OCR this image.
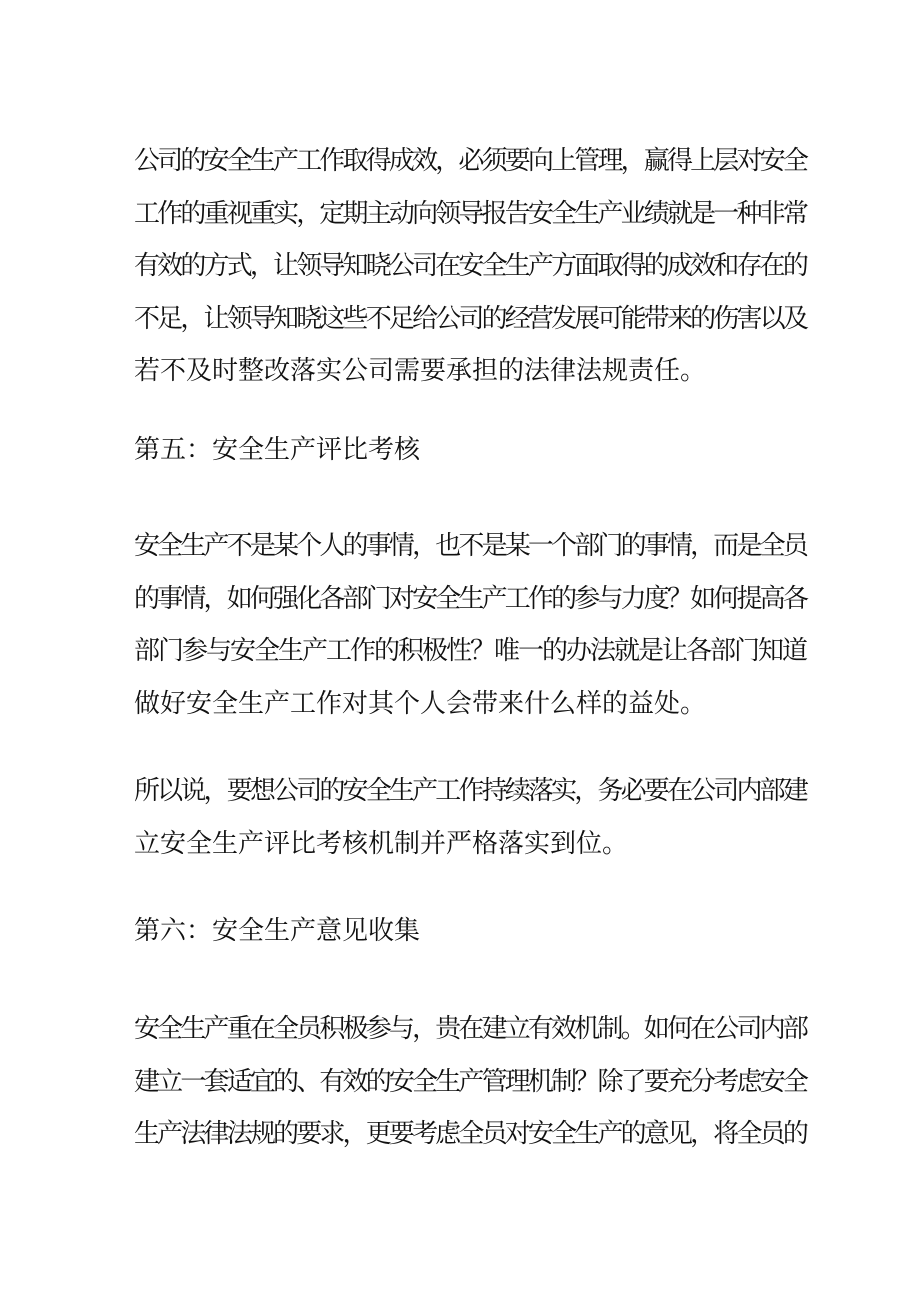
公司的安全生产工作取得成效，必须要向上管理，赢得上层对安全
工作的重视重实，定期主动向领导报告安全生产业绩就是一种非常
有效的方式，让领导知晓公司在安全生产方面取得的成效和存在的
不足，让领导知晓这些不足给公司的经营发展可能带来的伤害以及
若不及时整改落实公司需要承担的法律法规责任。

第五：安全生产评比考核

安全生产不是某个人的事情，也不是某一个部门的事情，而是全员
的事情，如何强化各部门对安全生产工作的参与力度？如何提高各
部门参与安全生产工作的积极性？唯一的办法就是让各部门知道
做好安全生产工作对其个人会带来什么样的益处。

所以说，要想公司的安全生产工作持续落实，务必要在公司内部建
立安全生产评比考核机制并严格落实到位。

第六：安全生产意见收集

安全生产重在全员积极参与，贵在建立有效机制。如何在公司内部
建立一套适宜的、有效的安全生产管理机制？除了要充分考虑安全
生产法律法规的要求，更要考虑全员对安全生产的意见，将全员的
